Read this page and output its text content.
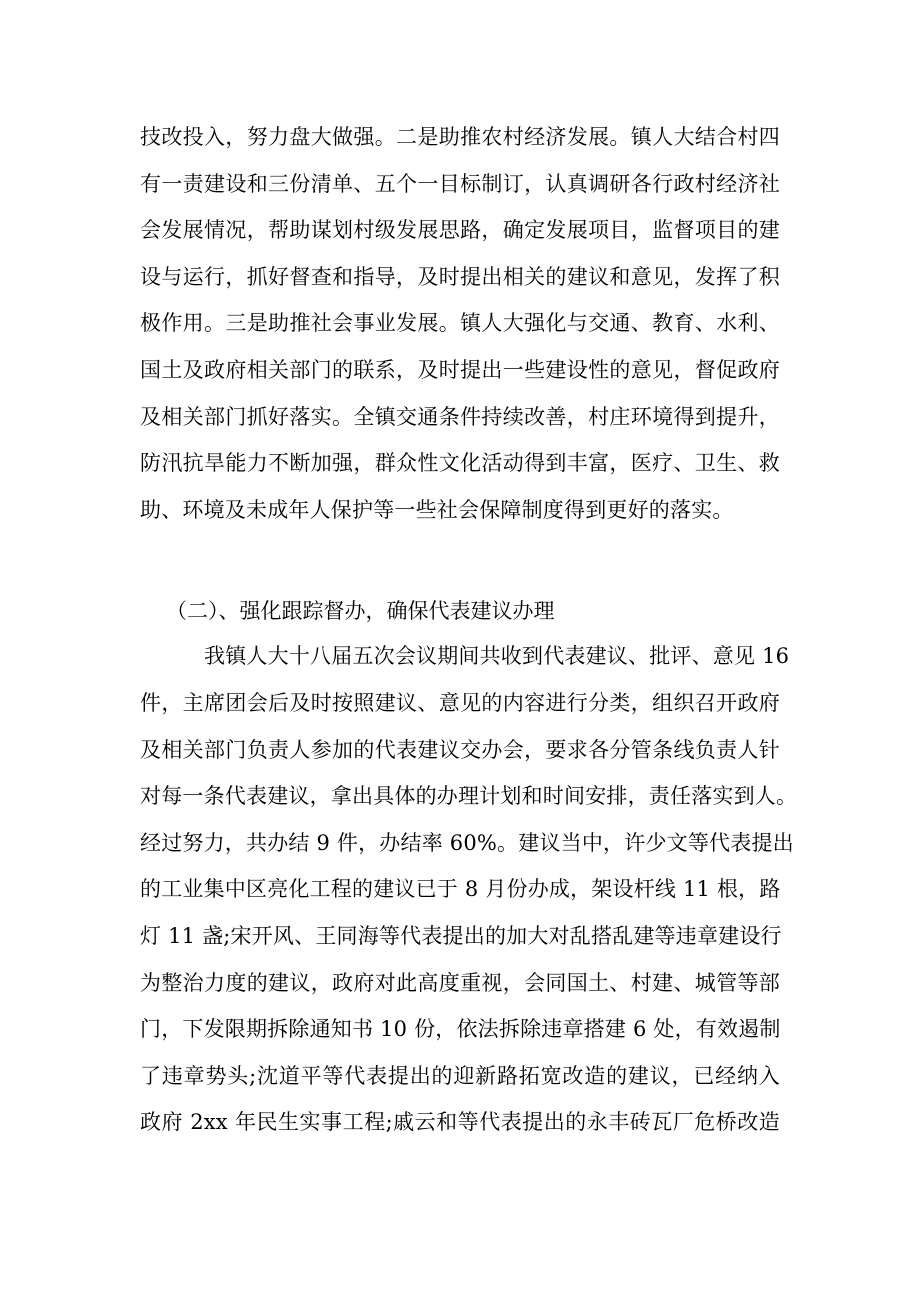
技改投入，努力盘大做强。二是助推农村经济发展。镇人大结合村四
有一责建设和三份清单、五个一目标制订，认真调研各行政村经济社
会发展情况，帮助谋划村级发展思路，确定发展项目，监督项目的建
设与运行，抓好督查和指导，及时提出相关的建议和意见，发挥了积
极作用。三是助推社会事业发展。镇人大强化与交通、教育、水利、
国土及政府相关部门的联系，及时提出一些建设性的意见，督促政府
及相关部门抓好落实。全镇交通条件持续改善，村庄环境得到提升，
防汛抗旱能力不断加强，群众性文化活动得到丰富，医疗、卫生、救
助、环境及未成年人保护等一些社会保障制度得到更好的落实。
（二）、强化跟踪督办，确保代表建议办理
我镇人大十八届五次会议期间共收到代表建议、批评、意见 16
件，主席团会后及时按照建议、意见的内容进行分类，组织召开政府
及相关部门负责人参加的代表建议交办会，要求各分管条线负责人针
对每一条代表建议，拿出具体的办理计划和时间安排，责任落实到人。
经过努力，共办结 9 件，办结率 60%。建议当中，许少文等代表提出
的工业集中区亮化工程的建议已于 8 月份办成，架设杆线 11 根，路
灯 11 盏;宋开风、王同海等代表提出的加大对乱搭乱建等违章建设行
为整治力度的建议，政府对此高度重视，会同国土、村建、城管等部
门，下发限期拆除通知书 10 份，依法拆除违章搭建 6 处，有效遏制
了违章势头;沈道平等代表提出的迎新路拓宽改造的建议，已经纳入
政府 2xx 年民生实事工程;戚云和等代表提出的永丰砖瓦厂危桥改造
